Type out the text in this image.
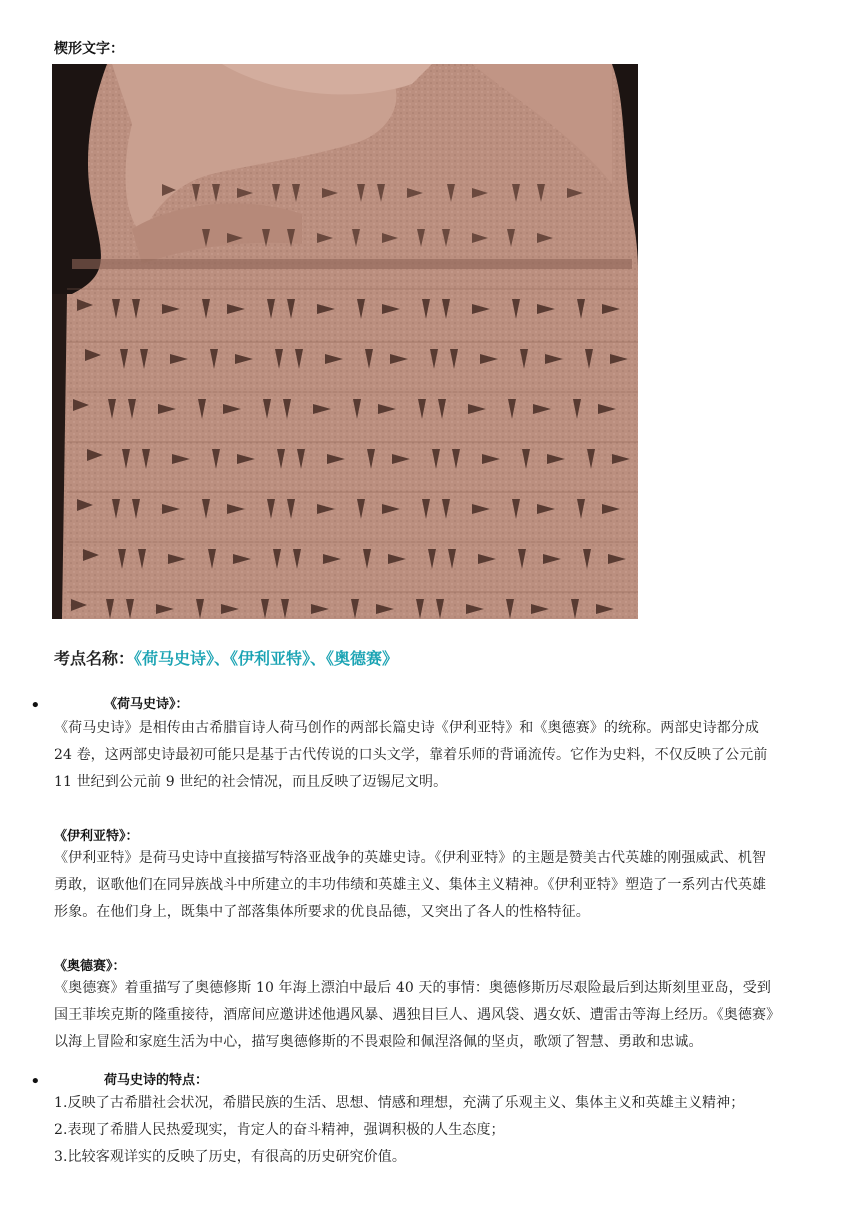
楔形文字：
考点名称：《荷马史诗》、《伊利亚特》、《奥德赛》
•	《荷马史诗》：
《荷马史诗》是相传由古希腊盲诗人荷马创作的两部长篇史诗《伊利亚特》和《奥德赛》的统称。两部史诗都分成
24 卷，这两部史诗最初可能只是基于古代传说的口头文学，靠着乐师的背诵流传。它作为史料，不仅反映了公元前
11 世纪到公元前 9 世纪的社会情况，而且反映了迈锡尼文明。
《伊利亚特》：
《伊利亚特》是荷马史诗中直接描写特洛亚战争的英雄史诗。《伊利亚特》的主题是赞美古代英雄的刚强威武、机智
勇敢，讴歌他们在同异族战斗中所建立的丰功伟绩和英雄主义、集体主义精神。《伊利亚特》塑造了一系列古代英雄
形象。在他们身上，既集中了部落集体所要求的优良品德，又突出了各人的性格特征。
《奥德赛》：
《奥德赛》着重描写了奥德修斯 10 年海上漂泊中最后 40 天的事情：奥德修斯历尽艰险最后到达斯刻里亚岛，受到
国王菲埃克斯的隆重接待，酒席间应邀讲述他遇风暴、遇独目巨人、遇风袋、遇女妖、遭雷击等海上经历。《奥德赛》
以海上冒险和家庭生活为中心，描写奥德修斯的不畏艰险和佩涅洛佩的坚贞，歌颂了智慧、勇敢和忠诚。
•	荷马史诗的特点：
1.反映了古希腊社会状况，希腊民族的生活、思想、情感和理想，充满了乐观主义、集体主义和英雄主义精神；
2.表现了希腊人民热爱现实，肯定人的奋斗精神，强调积极的人生态度；
3.比较客观详实的反映了历史，有很高的历史研究价值。
